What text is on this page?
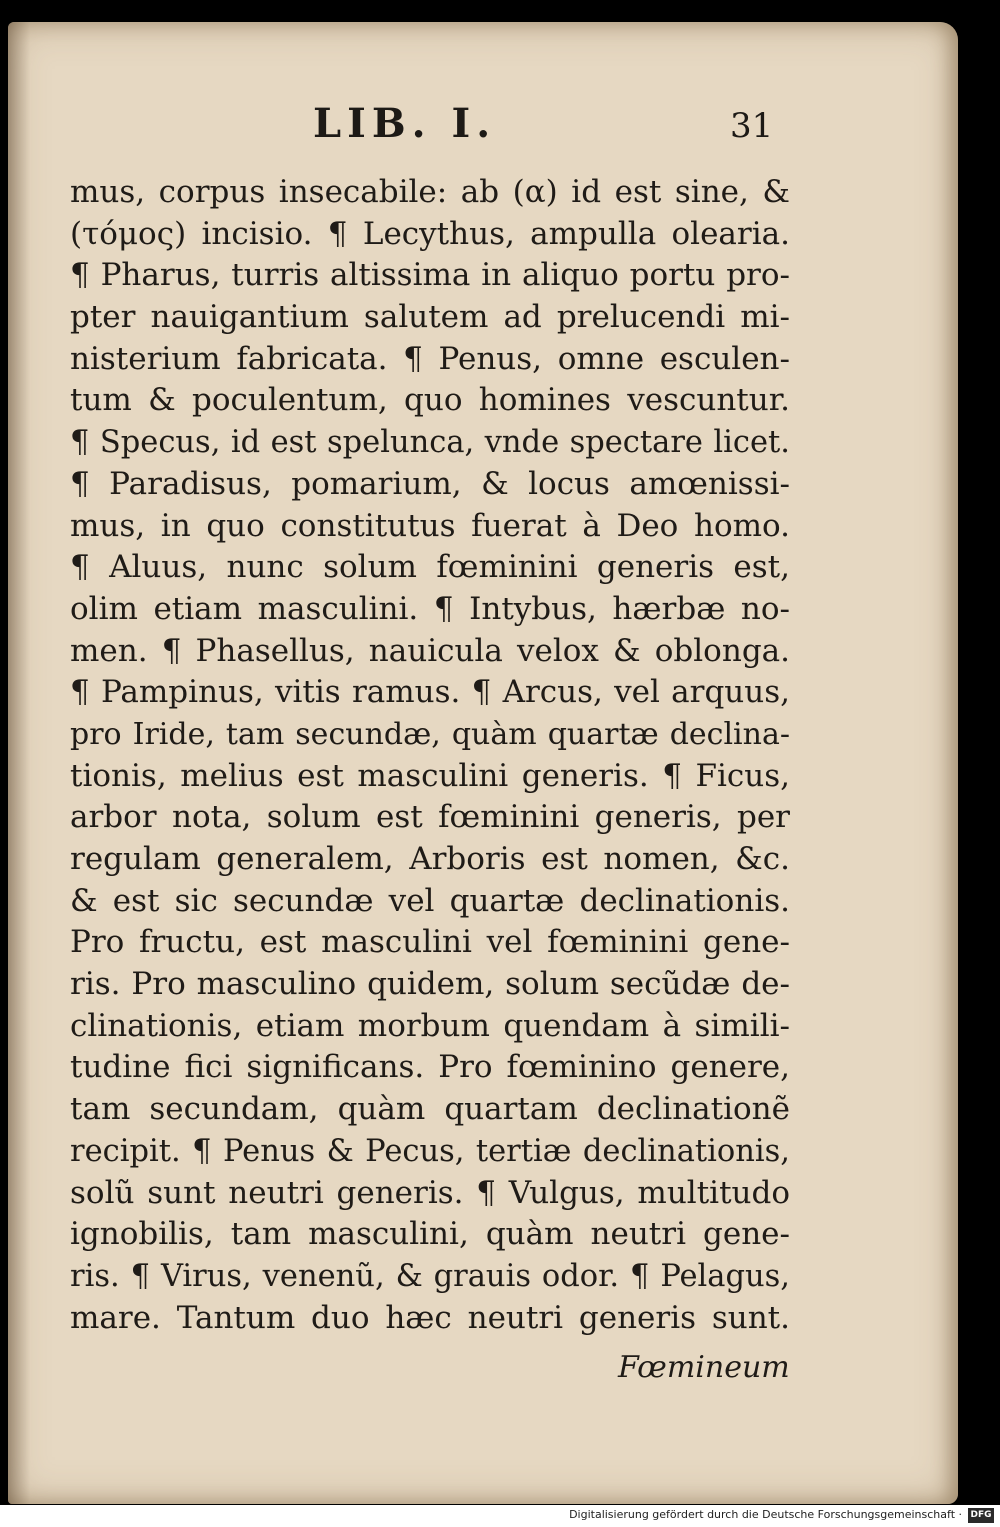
LIB. I.	31
mus, corpus insecabile: ab (α) id est sine, &
(τόμος) incisio. ¶ Lecythus, ampulla olearia.
¶ Pharus, turris altissima in aliquo portu pro-
pter nauigantium salutem ad prelucendi mi-
nisterium fabricata. ¶ Penus, omne esculen-
tum & poculentum, quo homines vescuntur.
¶ Specus, id est spelunca, vnde spectare licet.
¶ Paradisus, pomarium, & locus amœnissi-
mus, in quo constitutus fuerat à Deo homo.
¶ Aluus, nunc solum fœminini generis est,
olim etiam masculini. ¶ Intybus, hærbæ no-
men. ¶ Phasellus, nauicula velox & oblonga.
¶ Pampinus, vitis ramus. ¶ Arcus, vel arquus,
pro Iride, tam secundæ, quàm quartæ declina-
tionis, melius est masculini generis. ¶ Ficus,
arbor nota, solum est fœminini generis, per
regulam generalem, Arboris est nomen, &c.
& est sic secundæ vel quartæ declinationis.
Pro fructu, est masculini vel fœminini gene-
ris. Pro masculino quidem, solum secũdæ de-
clinationis, etiam morbum quendam à simili-
tudine fici significans. Pro fœminino genere,
tam secundam, quàm quartam declinationẽ
recipit. ¶ Penus & Pecus, tertiæ declinationis,
solũ sunt neutri generis. ¶ Vulgus, multitudo
ignobilis, tam masculini, quàm neutri gene-
ris. ¶ Virus, venenũ, & grauis odor. ¶ Pelagus,
mare. Tantum duo hæc neutri generis sunt.
Fœmineum
Digitalisierung gefördert durch die Deutsche Forschungsgemeinschaft · DFG
